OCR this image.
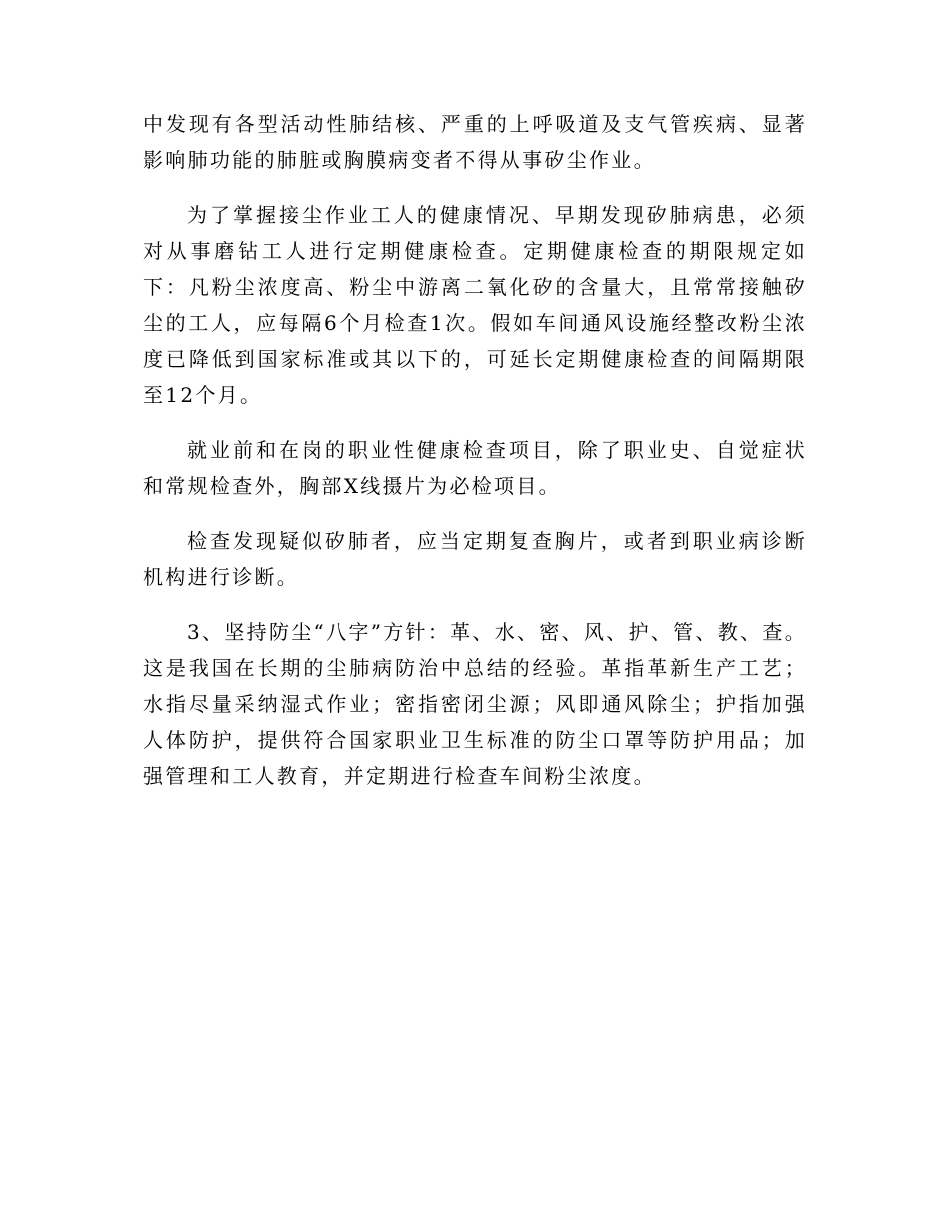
中发现有各型活动性肺结核、严重的上呼吸道及支气管疾病、显著影响肺功能的肺脏或胸膜病变者不得从事矽尘作业。

为了掌握接尘作业工人的健康情况、早期发现矽肺病患，必须对从事磨钻工人进行定期健康检查。定期健康检查的期限规定如下：凡粉尘浓度高、粉尘中游离二氧化矽的含量大，且常常接触矽尘的工人，应每隔6个月检查1次。假如车间通风设施经整改粉尘浓度已降低到国家标准或其以下的，可延长定期健康检查的间隔期限至12个月。

就业前和在岗的职业性健康检查项目，除了职业史、自觉症状和常规检查外，胸部X线摄片为必检项目。

检查发现疑似矽肺者，应当定期复查胸片，或者到职业病诊断机构进行诊断。

3、坚持防尘“八字”方针：革、水、密、风、护、管、教、查。这是我国在长期的尘肺病防治中总结的经验。革指革新生产工艺；水指尽量采纳湿式作业；密指密闭尘源；风即通风除尘；护指加强人体防护，提供符合国家职业卫生标准的防尘口罩等防护用品；加强管理和工人教育，并定期进行检查车间粉尘浓度。
